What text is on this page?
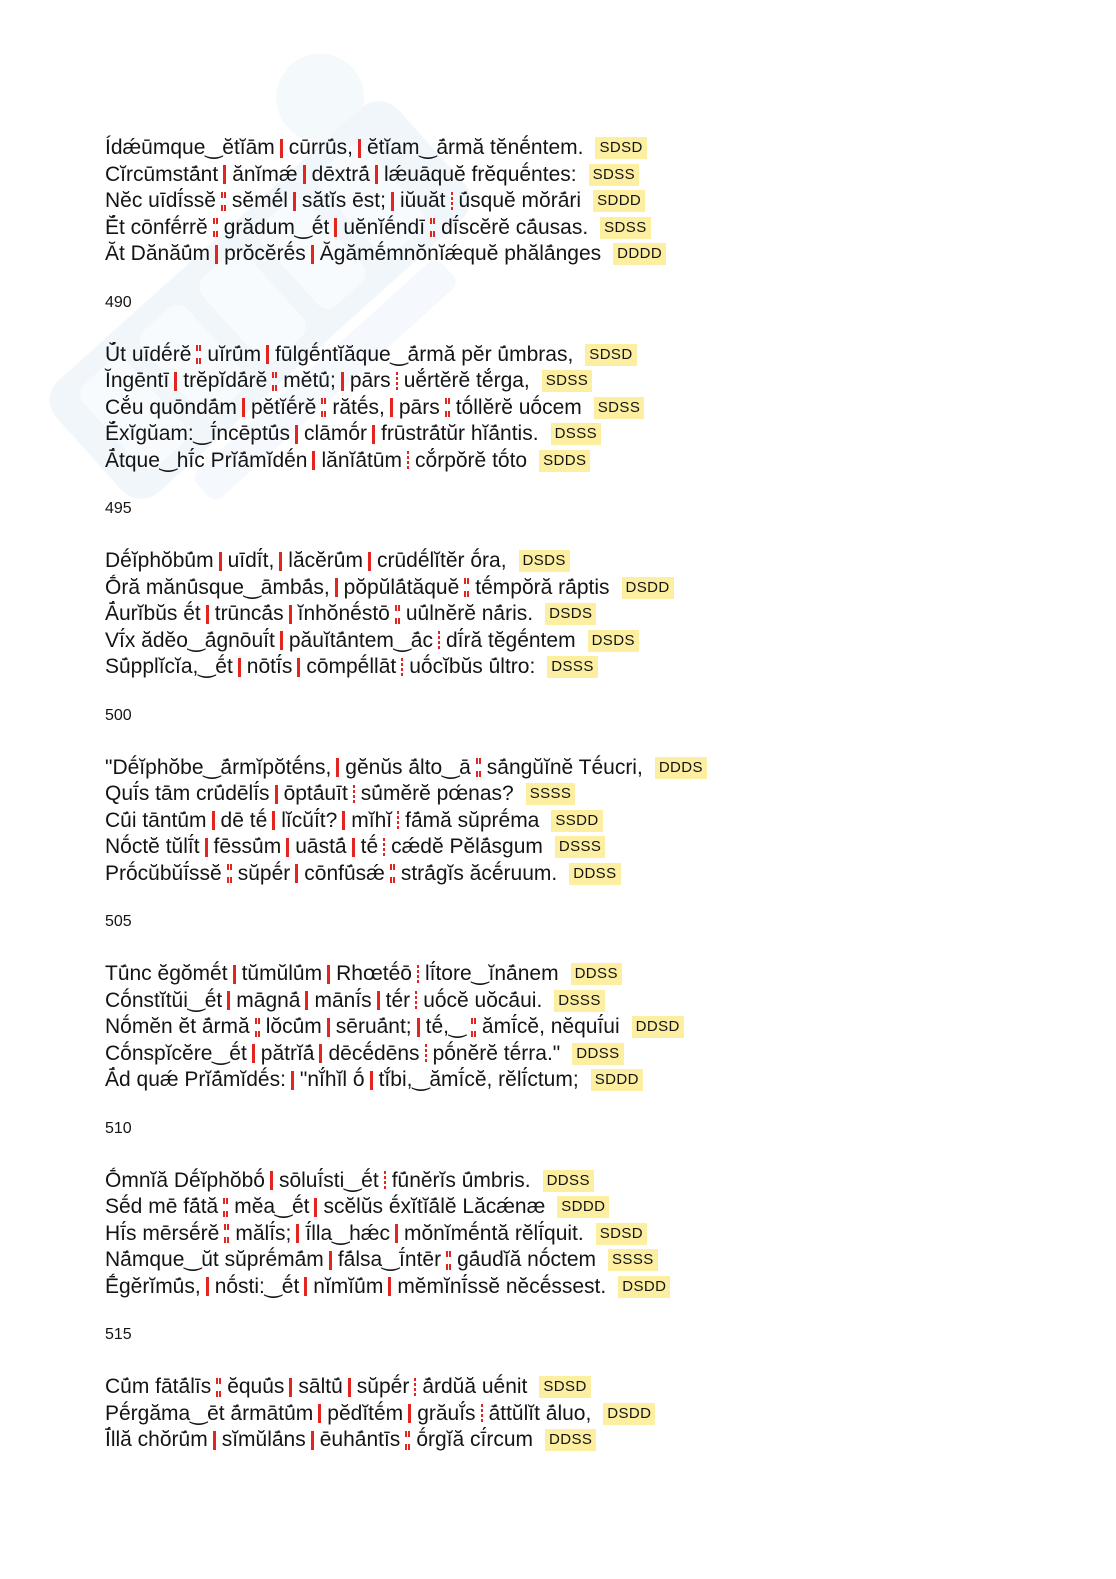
Ídǽūmque‿ĕtĭām cūrrū́s, ĕtĭam‿ā́rmă tĕnḗntem. SDSD
Cĭrcūmstā́nt ănĭmǽ dēxtrā́ lǽuāquĕ frĕquḗntes: SDSS
Nĕc uīdī́ssĕ sĕmḗl sătĭs ēst; iŭuăt ū́squĕ mŏrā́ri SDDD
Ĕ́t cōnfḗrrĕ grădum‿ḗt uĕnĭḗndī dī́scĕrĕ cā́usas. SDSS
Ăt Dănăū́m prŏcĕrḗs Ăgămḗmnŏnĭǽquĕ phălā́nges DDDD
490
Ŭ́t uīdḗrĕ uĭrū́m fūlgḗntĭăque‿ā́rmă pĕr ū́mbras, SDSD
Ĭngēntī trĕpĭdā́rĕ mĕtū́; pārs uĕ́rtĕrĕ tĕ́rga, SDSS
Cĕ́u quōndā́m pĕtĭḗrĕ rătḗs, pārs tṓllĕrĕ uṓcem SDSS
Ĕ́xĭgŭam:‿ī́ncēptū́s clāmṓr frūstrā́tŭr hĭā́ntis. DSSS
Ā́tque‿hī́c Prĭā́mĭdḗn lănĭā́tūm cŏ́rpŏrĕ tṓto SDDS
495
Dḗĭphŏbū́m uīdī́t, lăcĕrū́m crūdḗlĭtĕr ṓra, DSDS
Ṓră mănū́sque‿āmbā́s, pŏpŭlā́tăquĕ tḗmpŏră rā́ptis DSDD
Ā́urĭbŭs ḗt trūncā́s ĭnhŏnḗstō uū́lnĕrĕ nā́ris. DSDS
Vī́x ădĕo‿ā́gnōuī́t păuĭtā́ntem‿ā́c dī́ră tĕgḗntem DSDS
Sū́pplĭcĭa,‿ḗt nōtī́s cōmpḗllāt uṓcĭbŭs ū́ltro: DSSS
500
"Dḗĭphŏbe‿ā́rmĭpŏtḗns, gĕnŭs ā́lto‿ā sā́ngŭĭnĕ Tḗucri, DDDS
Quī́s tām crū́dēlī́s ōptā́uīt sū́mĕrĕ pœ́nas? SSSS
Cū́i tāntū́m dē tḗ lĭcŭī́t? mĭhĭ fā́mă sŭprḗma SSDD
Nṓctĕ tŭlī́t fēssū́m uāstā́ tḗ cǽdĕ Pĕlā́sgum DSSS
Prṓcŭbŭī́ssĕ sŭpḗr cōnfū́sǽ strā́gĭs ăcḗruum. DDSS
505
Tū́nc ĕgŏmḗt tŭmŭlū́m Rhœtḗō lī́tore‿ĭnā́nem DDSS
Cṓnstĭtŭi‿ḗt māgnā́ mānī́s tḗr uṓcĕ uŏcā́ui. DSSS
Nṓmĕn ĕt ā́rmă lŏcū́m sēruā́nt; tḗ,‿ ămī́cĕ, nĕquī́ui DDSD
Cṓnspĭcĕre‿ḗt pătrĭā́ dēcḗdēns pṓnĕrĕ tḗrra." DDSS
Ā́d quǽ Prĭā́mĭdḗs: "nĭ́hĭl ṓ tĭ́bi,‿ămī́cĕ, rĕlī́ctum; SDDD
510
Ṓmnĭă Dḗĭphŏbṓ sōluī́sti‿ḗt fū́nĕrĭs ū́mbris. DDSS
Sḗd mē fā́tă mĕa‿ḗt scĕlŭs ḗxĭtĭā́lĕ Lăcǽnæ SDDD
Hī́s mērsḗrĕ mălī́s; ī́lla‿hǽc mŏnĭmḗntă rĕlī́quit. SDSD
Nā́mque‿ŭt sŭprḗmā́m fā́lsa‿ī́ntēr gā́udĭă nṓctem SSSS
Ḗgĕrĭmū́s, nṓsti:‿ḗt nĭmĭū́m mĕmĭnī́ssĕ nĕcḗssest. DSDD
515
Cū́m fātā́līs ĕquū́s sāltū́ sŭpḗr ā́rdŭă uḗnit SDSD
Pḗrgăma‿ēt ā́rmātū́m pĕdĭtḗm grăuĭ́s ā́ttŭlĭt ā́luo, DSDD
Ī́llă chŏrū́m sĭmŭlā́ns ēuhā́ntīs ṓrgĭă cī́rcum DDSS
